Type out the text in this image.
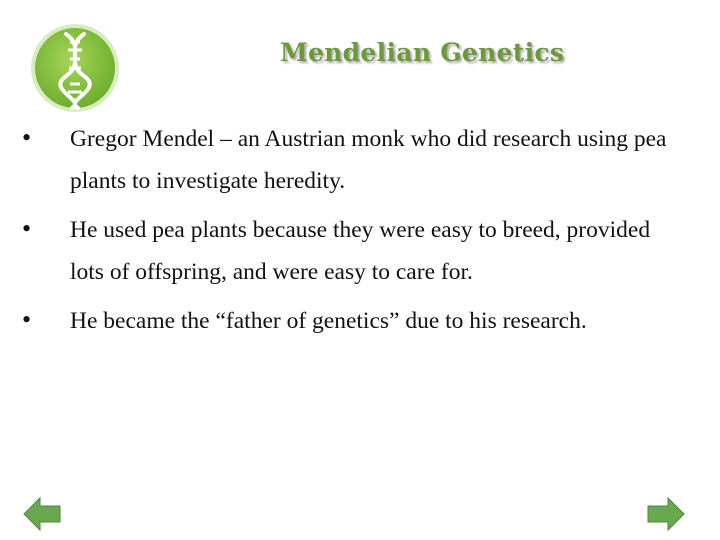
Mendelian Genetics
• Gregor Mendel – an Austrian monk who did research using pea plants to investigate heredity.
• He used pea plants because they were easy to breed, provided lots of offspring, and were easy to care for.
• He became the “father of genetics” due to his research.
